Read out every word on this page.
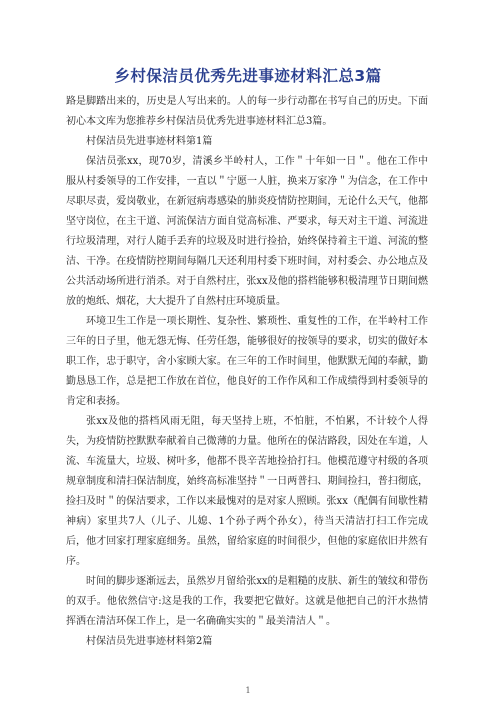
乡村保洁员优秀先进事迹材料汇总3篇

路是脚踏出来的，历史是人写出来的。人的每一步行动都在书写自己的历史。下面初心本文库为您推荐乡村保洁员优秀先进事迹材料汇总3篇。

村保洁员先进事迹材料第1篇

保洁员张xx，现70岁，清溪乡半岭村人，工作＂十年如一日＂。他在工作中服从村委领导的工作安排，一直以＂宁愿一人脏，换来万家净＂为信念，在工作中尽职尽责，爱岗敬业，在新冠病毒感染的肺炎疫情防控期间，无论什么天气，他都坚守岗位，在主干道、河流保洁方面自觉高标准、严要求，每天对主干道、河流进行垃圾清理，对行人随手丢弃的垃圾及时进行捡拾，始终保持着主干道、河流的整洁、干净。在疫情防控期间每隔几天还利用村委下班时间，对村委会、办公地点及公共活动场所进行消杀。对于自然村庄，张xx及他的搭档能够积极清理节日期间燃放的炮纸、烟花，大大提升了自然村庄环境质量。

环境卫生工作是一项长期性、复杂性、繁琐性、重复性的工作，在半岭村工作三年的日子里，他无怨无悔、任劳任怨，能够很好的按领导的要求，切实的做好本职工作，忠于职守，舍小家顾大家。在三年的工作时间里，他默默无闻的奉献，勤勤恳恳工作，总是把工作放在首位，他良好的工作作风和工作成绩得到村委领导的肯定和表扬。

张xx及他的搭档风雨无阻，每天坚持上班，不怕脏，不怕累，不计较个人得失，为疫情防控默默奉献着自己微薄的力量。他所在的保洁路段，因处在车道，人流、车流量大，垃圾、树叶多，他都不畏辛苦地捡拾打扫。他模范遵守村级的各项规章制度和清扫保洁制度，始终高标准坚持＂一日两普扫、期间捡扫，普扫彻底，捡扫及时＂的保洁要求，工作以来最愧对的是对家人照顾。张xx（配偶有间歇性精神病）家里共7人（儿子、儿媳、1个孙子两个孙女），待当天清洁打扫工作完成后，他才回家打理家庭细务。虽然，留给家庭的时间很少，但他的家庭依旧井然有序。

时间的脚步逐渐远去，虽然岁月留给张xx的是粗糙的皮肤、新生的皱纹和带伤的双手。他依然信守:这是我的工作，我要把它做好。这就是他把自己的汗水热情挥洒在清洁环保工作上，是一名确确实实的＂最美清洁人＂。

村保洁员先进事迹材料第2篇

1
